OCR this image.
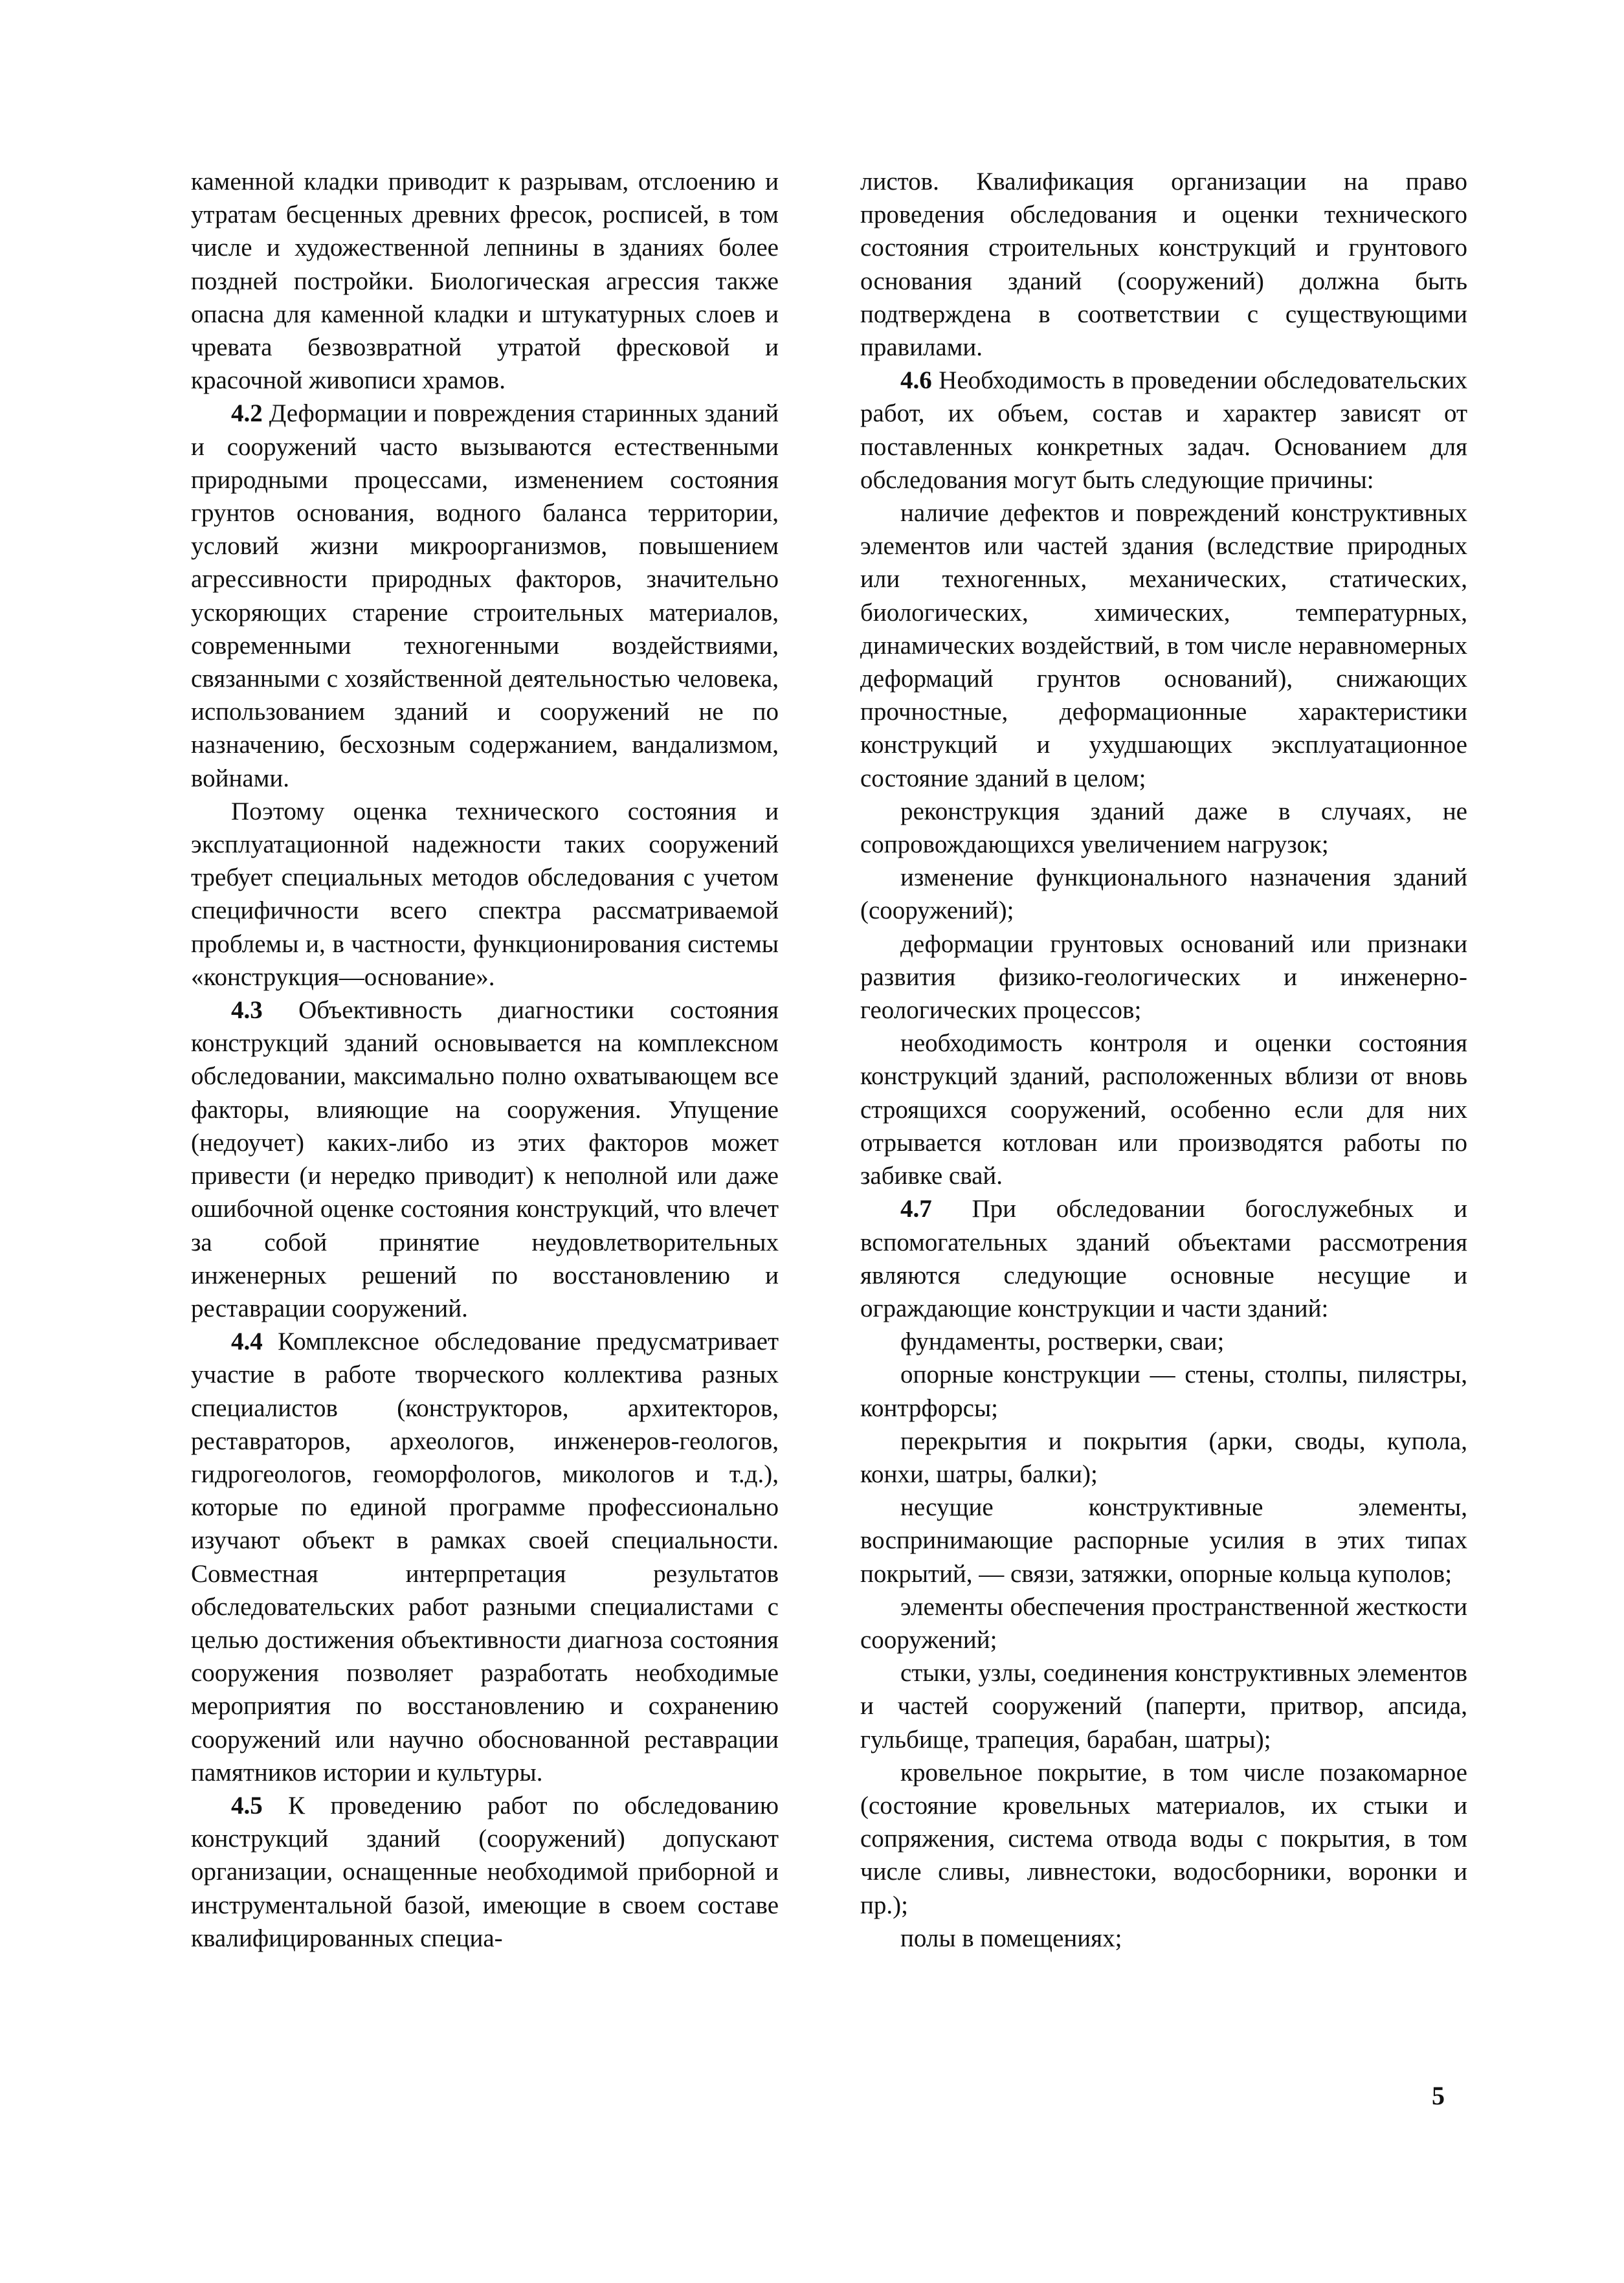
каменной кладки приводит к разрывам, отслоению и утратам бесценных древних фресок, росписей, в том числе и художественной лепнины в зданиях более поздней постройки. Биологическая агрессия также опасна для каменной кладки и штукатурных слоев и чревата безвозвратной утратой фресковой и красочной живописи храмов.

4.2 Деформации и повреждения старинных зданий и сооружений часто вызываются естественными природными процессами, изменением состояния грунтов основания, водного баланса территории, условий жизни микроорганизмов, повышением агрессивности природных факторов, значительно ускоряющих старение строительных материалов, современными техногенными воздействиями, связанными с хозяйственной деятельностью человека, использованием зданий и сооружений не по назначению, бесхозным содержанием, вандализмом, войнами.

Поэтому оценка технического состояния и эксплуатационной надежности таких сооружений требует специальных методов обследования с учетом специфичности всего спектра рассматриваемой проблемы и, в частности, функционирования системы «конструкция—основание».

4.3 Объективность диагностики состояния конструкций зданий основывается на комплексном обследовании, максимально полно охватывающем все факторы, влияющие на сооружения. Упущение (недоучет) каких-либо из этих факторов может привести (и нередко приводит) к неполной или даже ошибочной оценке состояния конструкций, что влечет за собой принятие неудовлетворительных инженерных решений по восстановлению и реставрации сооружений.

4.4 Комплексное обследование предусматривает участие в работе творческого коллектива разных специалистов (конструкторов, архитекторов, реставраторов, археологов, инженеров-геологов, гидрогеологов, геоморфологов, микологов и т.д.), которые по единой программе профессионально изучают объект в рамках своей специальности. Совместная интерпретация результатов обследовательских работ разными специалистами с целью достижения объективности диагноза состояния сооружения позволяет разработать необходимые мероприятия по восстановлению и сохранению сооружений или научно обоснованной реставрации памятников истории и культуры.

4.5 К проведению работ по обследованию конструкций зданий (сооружений) допускают организации, оснащенные необходимой приборной и инструментальной базой, имеющие в своем составе квалифицированных специа-

листов. Квалификация организации на право проведения обследования и оценки технического состояния строительных конструкций и грунтового основания зданий (сооружений) должна быть подтверждена в соответствии с существующими правилами.

4.6 Необходимость в проведении обследовательских работ, их объем, состав и характер зависят от поставленных конкретных задач. Основанием для обследования могут быть следующие причины:

наличие дефектов и повреждений конструктивных элементов или частей здания (вследствие природных или техногенных, механических, статических, биологических, химических, температурных, динамических воздействий, в том числе неравномерных деформаций грунтов оснований), снижающих прочностные, деформационные характеристики конструкций и ухудшающих эксплуатационное состояние зданий в целом;

реконструкция зданий даже в случаях, не сопровождающихся увеличением нагрузок;

изменение функционального назначения зданий (сооружений);

деформации грунтовых оснований или признаки развития физико-геологических и инженерно-геологических процессов;

необходимость контроля и оценки состояния конструкций зданий, расположенных вблизи от вновь строящихся сооружений, особенно если для них отрывается котлован или производятся работы по забивке свай.

4.7 При обследовании богослужебных и вспомогательных зданий объектами рассмотрения являются следующие основные несущие и ограждающие конструкции и части зданий:

фундаменты, ростверки, сваи;

опорные конструкции — стены, столпы, пилястры, контрфорсы;

перекрытия и покрытия (арки, своды, купола, конхи, шатры, балки);

несущие конструктивные элементы, воспринимающие распорные усилия в этих типах покрытий, — связи, затяжки, опорные кольца куполов;

элементы обеспечения пространственной жесткости сооружений;

стыки, узлы, соединения конструктивных элементов и частей сооружений (паперти, притвор, апсида, гульбище, трапеция, барабан, шатры);

кровельное покрытие, в том числе позакомарное (состояние кровельных материалов, их стыки и сопряжения, система отвода воды с покрытия, в том числе сливы, ливнестоки, водосборники, воронки и пр.);

полы в помещениях;

5
